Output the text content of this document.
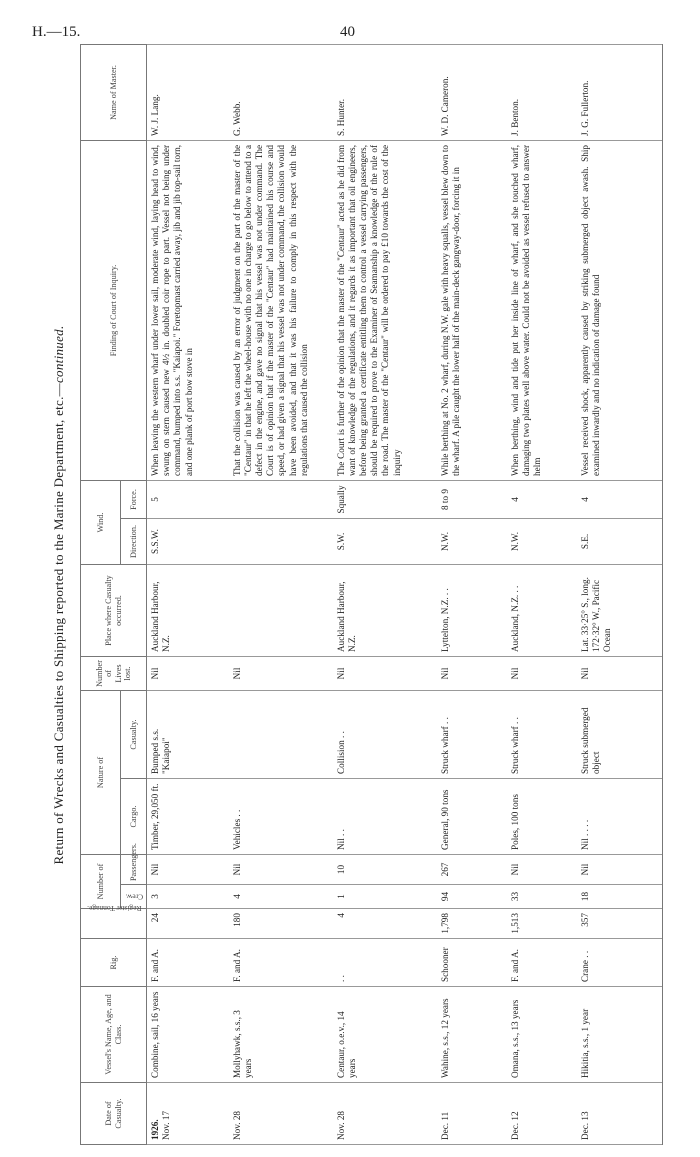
H.—15.	40
Return of Wrecks and Casualties to Shipping reported to the Marine Department, etc.—continued.
Date of Casualty.	Vessel's Name, Age, and Class.	Rig.	Register Tonnage.	Number of		Nature of		Number of Lives lost.	Place where Casualty occurred.	Wind.		Finding of Court of Inquiry.	Name of Master.
				Crew.	Passengers.	Cargo.	Casualty.			Direction.	Force.		

1926. Nov. 17	Combine, sail, 16 years	F. and A.	24	3	Nil	Timber, 29,050 ft.	Bumped s.s. "Kaiapoi"	Nil	Auckland Harbour, N.Z.	S.S.W.	5	When leaving the western wharf under lower sail, moderate wind, laying head to wind, swung on stern caused new 4½ in. doubled coir rope to part. Vessel not being under command, bumped into s.s. "Kaiapoi." Foretopmast carried away, jib and jib top-sail torn, and one plank of port bow stove in	W. J. Lang.

Nov. 28	Mollyhawk, s.s., 3 years	F. and A.	180	4	Nil	Vehicles . .		Nil				That the collision was caused by an error of judgment on the part of the master of the "Centaur" in that he left the wheel-house with no one in charge to go below to attend to a defect in the engine, and gave no signal that his vessel was not under command. The Court is of opinion that if the master of the "Centaur" had maintained his course and speed, or had given a signal that his vessel was not under command, the collision would have been avoided, and that it was his failure to comply in this respect with the regulations that caused the collision	G. Webb.

Nov. 28	Centaur, o.e.v., 14 years	. .	4	1	10	Nil . .	Collision . .	Nil	Auckland Harbour, N.Z.	S.W.	Squally	The Court is further of the opinion that the master of the "Centaur" acted as he did from want of knowledge of the regulations, and it regards it as important that oil engineers, before being granted a certificate entitling them to control a vessel carrying passengers, should be required to prove to the Examiner of Seamanship a knowledge of the rule of the road. The master of the "Centaur" will be ordered to pay £10 towards the cost of the inquiry	S. Hunter.

Dec. 11	Wahine, s.s., 12 years	Schooner	1,798	94	267	General, 90 tons	Struck wharf . .	Nil	Lyttelton, N.Z. . .	N.W.	8 to 9	While berthing at No. 2 wharf, during N.W. gale with heavy squalls, vessel blew down to the wharf. A pile caught the lower half of the main-deck gangway-door, forcing it in	W. D. Cameron.

Dec. 12	Omana, s.s., 13 years	F. and A.	1,513	33	Nil	Poles, 100 tons	Struck wharf . .	Nil	Auckland, N.Z. . .	N.W.	4	When berthing, wind and tide put her inside line of wharf, and she touched wharf, damaging two plates well above water. Could not be avoided as vessel refused to answer helm	J. Benton.

Dec. 13	Hikitia, s.s., 1 year	Crane . .	357	18	Nil	Nil . . . .	Struck submerged object	Nil	Lat. 33·25° S., long. 172·32° W., Pacific Ocean	S.E.	4	Vessel received shock, apparently caused by striking submerged object awash. Ship examined inwardly and no indication of damage found	J. G. Fullerton.
